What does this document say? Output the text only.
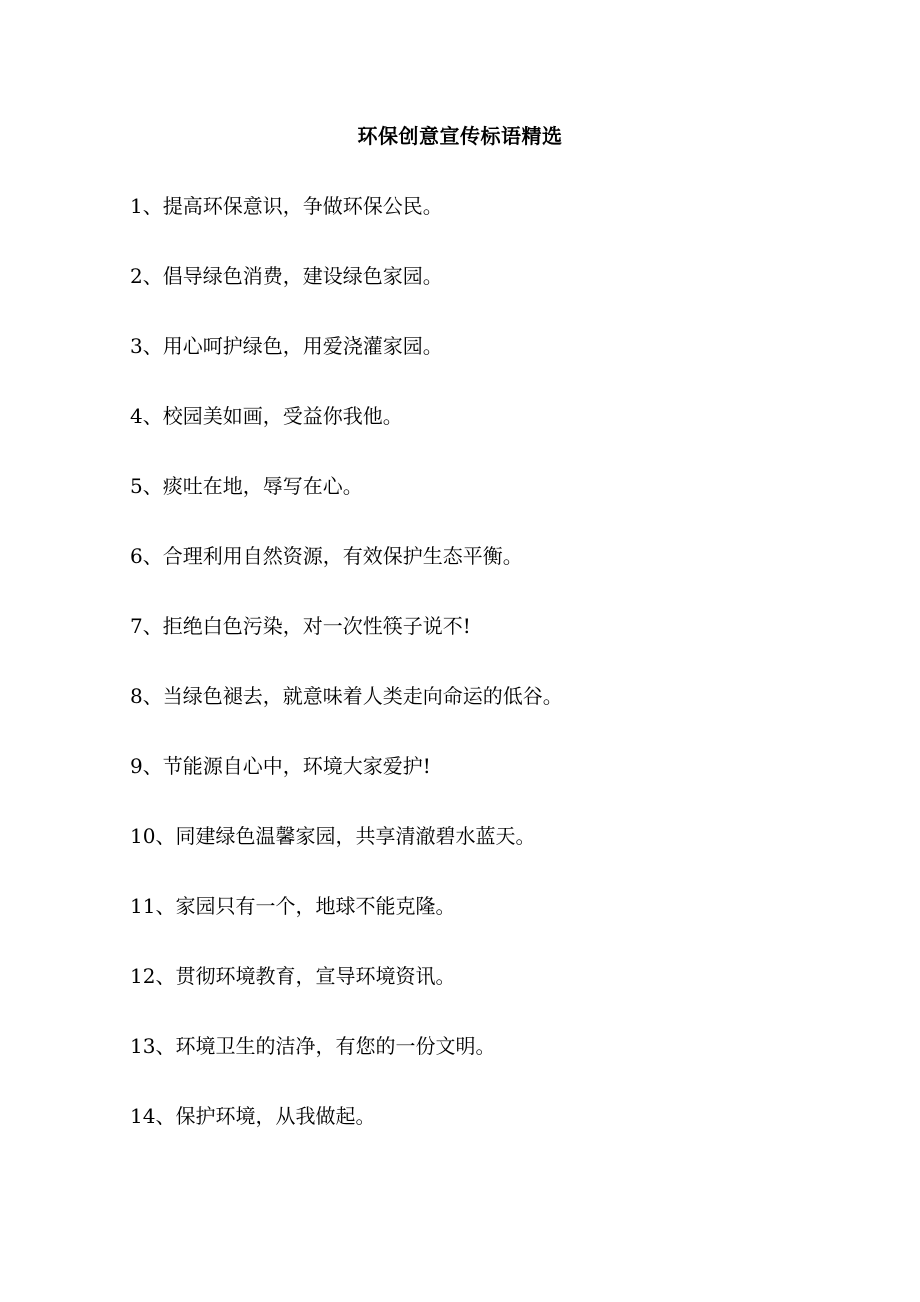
环保创意宣传标语精选
1、提高环保意识，争做环保公民。
2、倡导绿色消费，建设绿色家园。
3、用心呵护绿色，用爱浇灌家园。
4、校园美如画，受益你我他。
5、痰吐在地，辱写在心。
6、合理利用自然资源，有效保护生态平衡。
7、拒绝白色污染，对一次性筷子说不!
8、当绿色褪去，就意味着人类走向命运的低谷。
9、节能源自心中，环境大家爱护!
10、同建绿色温馨家园，共享清澈碧水蓝天。
11、家园只有一个，地球不能克隆。
12、贯彻环境教育，宣导环境资讯。
13、环境卫生的洁净，有您的一份文明。
14、保护环境，从我做起。
